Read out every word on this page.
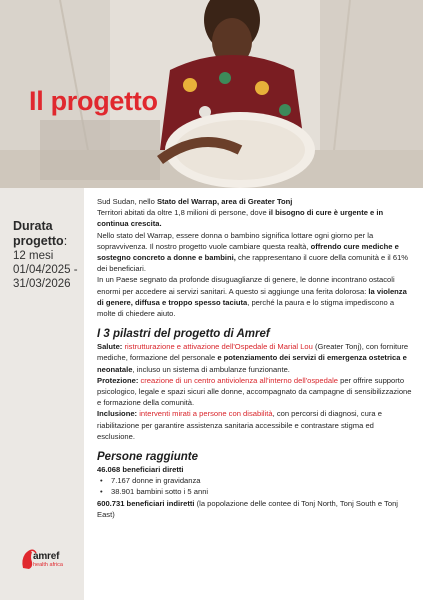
Il progetto
Durata progetto:
12 mesi
01/04/2025 -
31/03/2026
amref
health africa

Sud Sudan, nello Stato del Warrap, area di Greater Tonj

Territori abitati da oltre 1,8 milioni di persone, dove il bisogno di cure è urgente e in continua crescita.

Nello stato del Warrap, essere donna o bambino significa lottare ogni giorno per la sopravvivenza. Il nostro progetto vuole cambiare questa realtà, offrendo cure mediche e sostegno concreto a donne e bambini, che rappresentano il cuore della comunità e il 61% dei beneficiari.

In un Paese segnato da profonde disuguaglianze di genere, le donne incontrano ostacoli enormi per accedere ai servizi sanitari. A questo si aggiunge una ferita dolorosa: la violenza di genere, diffusa e troppo spesso taciuta, perché la paura e lo stigma impediscono a molte di chiedere aiuto.

I 3 pilastri del progetto di Amref

Salute: ristrutturazione e attivazione dell'Ospedale di Marial Lou (Greater Tonj), con forniture mediche, formazione del personale e potenziamento dei servizi di emergenza ostetrica e neonatale, incluso un sistema di ambulanze funzionante.

Protezione: creazione di un centro antiviolenza all'interno dell'ospedale per offrire supporto psicologico, legale e spazi sicuri alle donne, accompagnato da campagne di sensibilizzazione e formazione della comunità.

Inclusione: interventi mirati a persone con disabilità, con percorsi di diagnosi, cura e riabilitazione per garantire assistenza sanitaria accessibile e contrastare stigma ed esclusione.

Persone raggiunte

46.068 beneficiari diretti

• 7.167 donne in gravidanza
• 38.901 bambini sotto i 5 anni

600.731 beneficiari indiretti (la popolazione delle contee di Tonj North, Tonj South e Tonj East)
